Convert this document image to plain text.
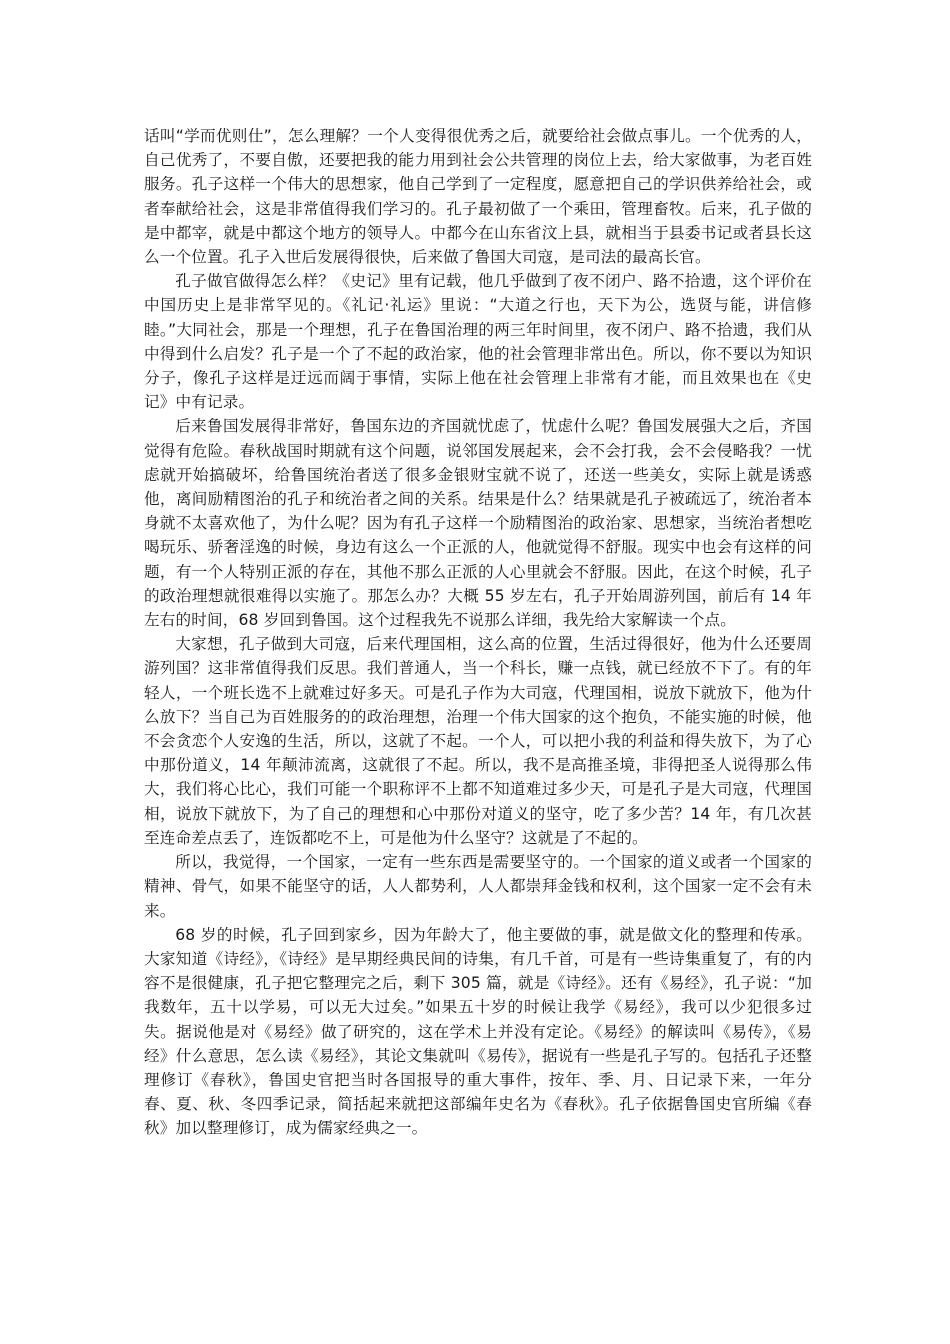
话叫“学而优则仕”，怎么理解？一个人变得很优秀之后，就要给社会做点事儿。一个优秀的人，自己优秀了，不要自傲，还要把我的能力用到社会公共管理的岗位上去，给大家做事，为老百姓服务。孔子这样一个伟大的思想家，他自己学到了一定程度，愿意把自己的学识供养给社会，或者奉献给社会，这是非常值得我们学习的。孔子最初做了一个乘田，管理畜牧。后来，孔子做的是中都宰，就是中都这个地方的领导人。中都今在山东省汶上县，就相当于县委书记或者县长这么一个位置。孔子入世后发展得很快，后来做了鲁国大司寇，是司法的最高长官。

孔子做官做得怎么样？《史记》里有记载，他几乎做到了夜不闭户、路不拾遗，这个评价在中国历史上是非常罕见的。《礼记·礼运》里说：“大道之行也，天下为公，选贤与能，讲信修睦。”大同社会，那是一个理想，孔子在鲁国治理的两三年时间里，夜不闭户、路不拾遗，我们从中得到什么启发？孔子是一个了不起的政治家，他的社会管理非常出色。所以，你不要以为知识分子，像孔子这样是迂远而阔于事情，实际上他在社会管理上非常有才能，而且效果也在《史记》中有记录。

后来鲁国发展得非常好，鲁国东边的齐国就忧虑了，忧虑什么呢？鲁国发展强大之后，齐国觉得有危险。春秋战国时期就有这个问题，说邻国发展起来，会不会打我，会不会侵略我？一忧虑就开始搞破坏，给鲁国统治者送了很多金银财宝就不说了，还送一些美女，实际上就是诱惑他，离间励精图治的孔子和统治者之间的关系。结果是什么？结果就是孔子被疏远了，统治者本身就不太喜欢他了，为什么呢？因为有孔子这样一个励精图治的政治家、思想家，当统治者想吃喝玩乐、骄奢淫逸的时候，身边有这么一个正派的人，他就觉得不舒服。现实中也会有这样的问题，有一个人特别正派的存在，其他不那么正派的人心里就会不舒服。因此，在这个时候，孔子的政治理想就很难得以实施了。那怎么办？大概 55 岁左右，孔子开始周游列国，前后有 14 年左右的时间，68 岁回到鲁国。这个过程我先不说那么详细，我先给大家解读一个点。

大家想，孔子做到大司寇，后来代理国相，这么高的位置，生活过得很好，他为什么还要周游列国？这非常值得我们反思。我们普通人，当一个科长，赚一点钱，就已经放不下了。有的年轻人，一个班长选不上就难过好多天。可是孔子作为大司寇，代理国相，说放下就放下，他为什么放下？当自己为百姓服务的的政治理想，治理一个伟大国家的这个抱负，不能实施的时候，他不会贪恋个人安逸的生活，所以，这就了不起。一个人，可以把小我的利益和得失放下，为了心中那份道义，14 年颠沛流离，这就很了不起。所以，我不是高推圣境，非得把圣人说得那么伟大，我们将心比心，我们可能一个职称评不上都不知道难过多少天，可是孔子是大司寇，代理国相，说放下就放下，为了自己的理想和心中那份对道义的坚守，吃了多少苦？14 年，有几次甚至连命差点丢了，连饭都吃不上，可是他为什么坚守？这就是了不起的。

所以，我觉得，一个国家，一定有一些东西是需要坚守的。一个国家的道义或者一个国家的精神、骨气，如果不能坚守的话，人人都势利，人人都崇拜金钱和权利，这个国家一定不会有未来。

68 岁的时候，孔子回到家乡，因为年龄大了，他主要做的事，就是做文化的整理和传承。大家知道《诗经》，《诗经》是早期经典民间的诗集，有几千首，可是有一些诗集重复了，有的内容不是很健康，孔子把它整理完之后，剩下 305 篇，就是《诗经》。还有《易经》，孔子说：“加我数年，五十以学易，可以无大过矣。”如果五十岁的时候让我学《易经》，我可以少犯很多过失。据说他是对《易经》做了研究的，这在学术上并没有定论。《易经》的解读叫《易传》，《易经》什么意思，怎么读《易经》，其论文集就叫《易传》，据说有一些是孔子写的。包括孔子还整理修订《春秋》，鲁国史官把当时各国报导的重大事件，按年、季、月、日记录下来，一年分春、夏、秋、冬四季记录，简括起来就把这部编年史名为《春秋》。孔子依据鲁国史官所编《春秋》加以整理修订，成为儒家经典之一。
